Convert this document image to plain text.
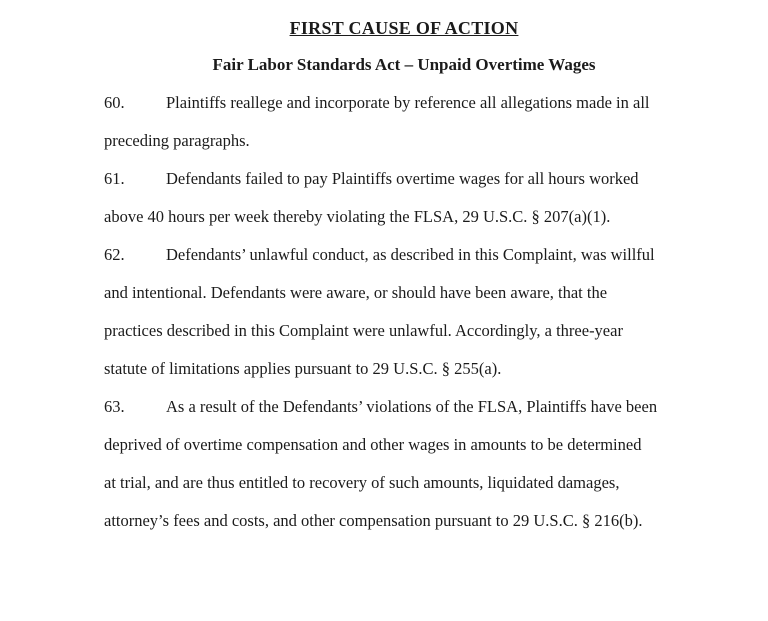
FIRST CAUSE OF ACTION
Fair Labor Standards Act – Unpaid Overtime Wages
60.	Plaintiffs reallege and incorporate by reference all allegations made in all
preceding paragraphs.
61.	Defendants failed to pay Plaintiffs overtime wages for all hours worked
above 40 hours per week thereby violating the FLSA, 29 U.S.C. § 207(a)(1).
62.	Defendants’ unlawful conduct, as described in this Complaint, was willful
and intentional. Defendants were aware, or should have been aware, that the
practices described in this Complaint were unlawful. Accordingly, a three-year
statute of limitations applies pursuant to 29 U.S.C. § 255(a).
63.	As a result of the Defendants’ violations of the FLSA, Plaintiffs have been
deprived of overtime compensation and other wages in amounts to be determined
at trial, and are thus entitled to recovery of such amounts, liquidated damages,
attorney’s fees and costs, and other compensation pursuant to 29 U.S.C. § 216(b).
